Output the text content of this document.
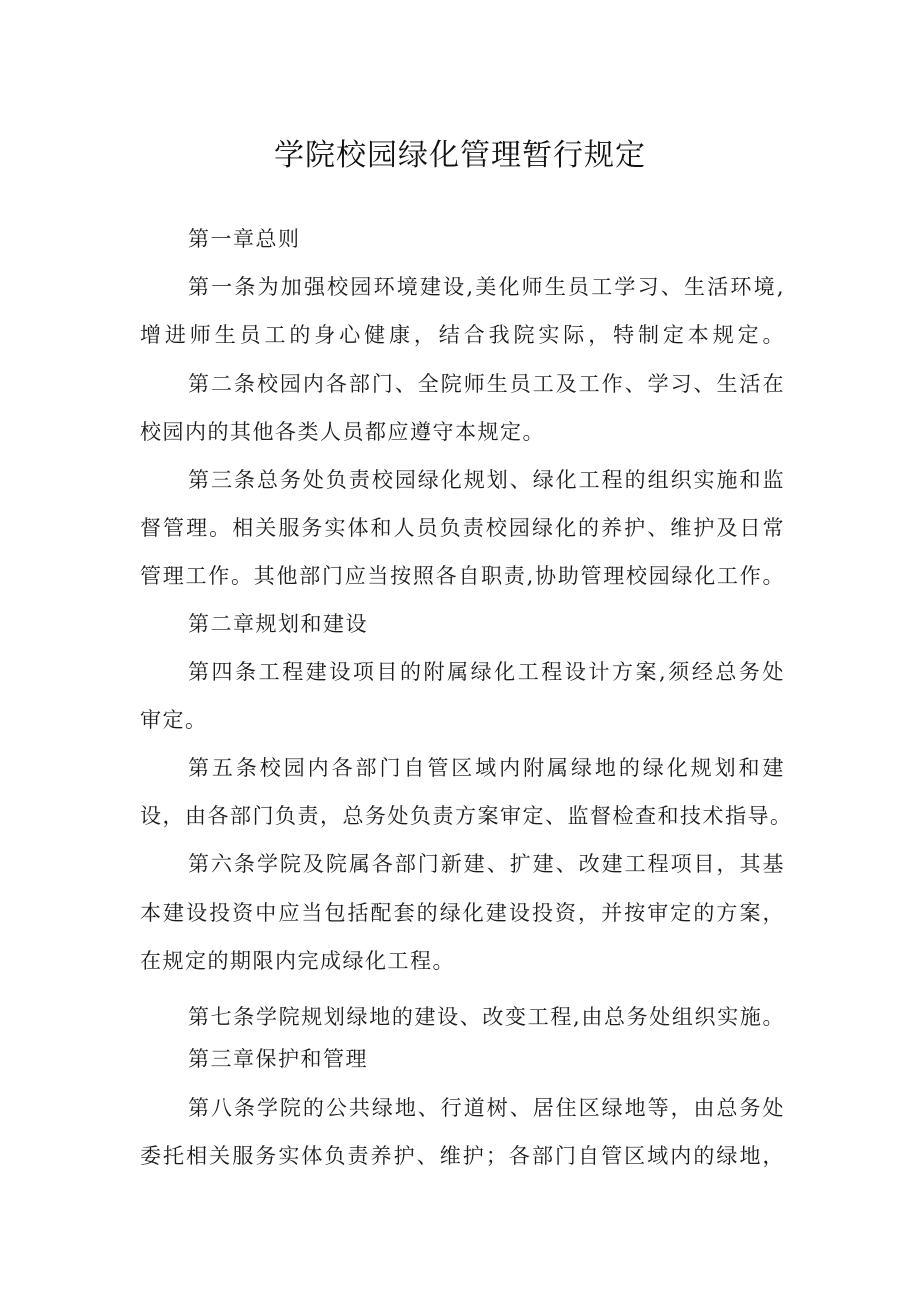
学院校园绿化管理暂行规定
第一章总则
第一条为加强校园环境建设,美化师生员工学习、生活环境,
增进师生员工的身心健康，结合我院实际，特制定本规定。
第二条校园内各部门、全院师生员工及工作、学习、生活在
校园内的其他各类人员都应遵守本规定。
第三条总务处负责校园绿化规划、绿化工程的组织实施和监
督管理。相关服务实体和人员负责校园绿化的养护、维护及日常
管理工作。其他部门应当按照各自职责,协助管理校园绿化工作。
第二章规划和建设
第四条工程建设项目的附属绿化工程设计方案,须经总务处
审定。
第五条校园内各部门自管区域内附属绿地的绿化规划和建
设，由各部门负责，总务处负责方案审定、监督检查和技术指导。
第六条学院及院属各部门新建、扩建、改建工程项目，其基
本建设投资中应当包括配套的绿化建设投资，并按审定的方案，
在规定的期限内完成绿化工程。
第七条学院规划绿地的建设、改变工程,由总务处组织实施。
第三章保护和管理
第八条学院的公共绿地、行道树、居住区绿地等，由总务处
委托相关服务实体负责养护、维护；各部门自管区域内的绿地，
